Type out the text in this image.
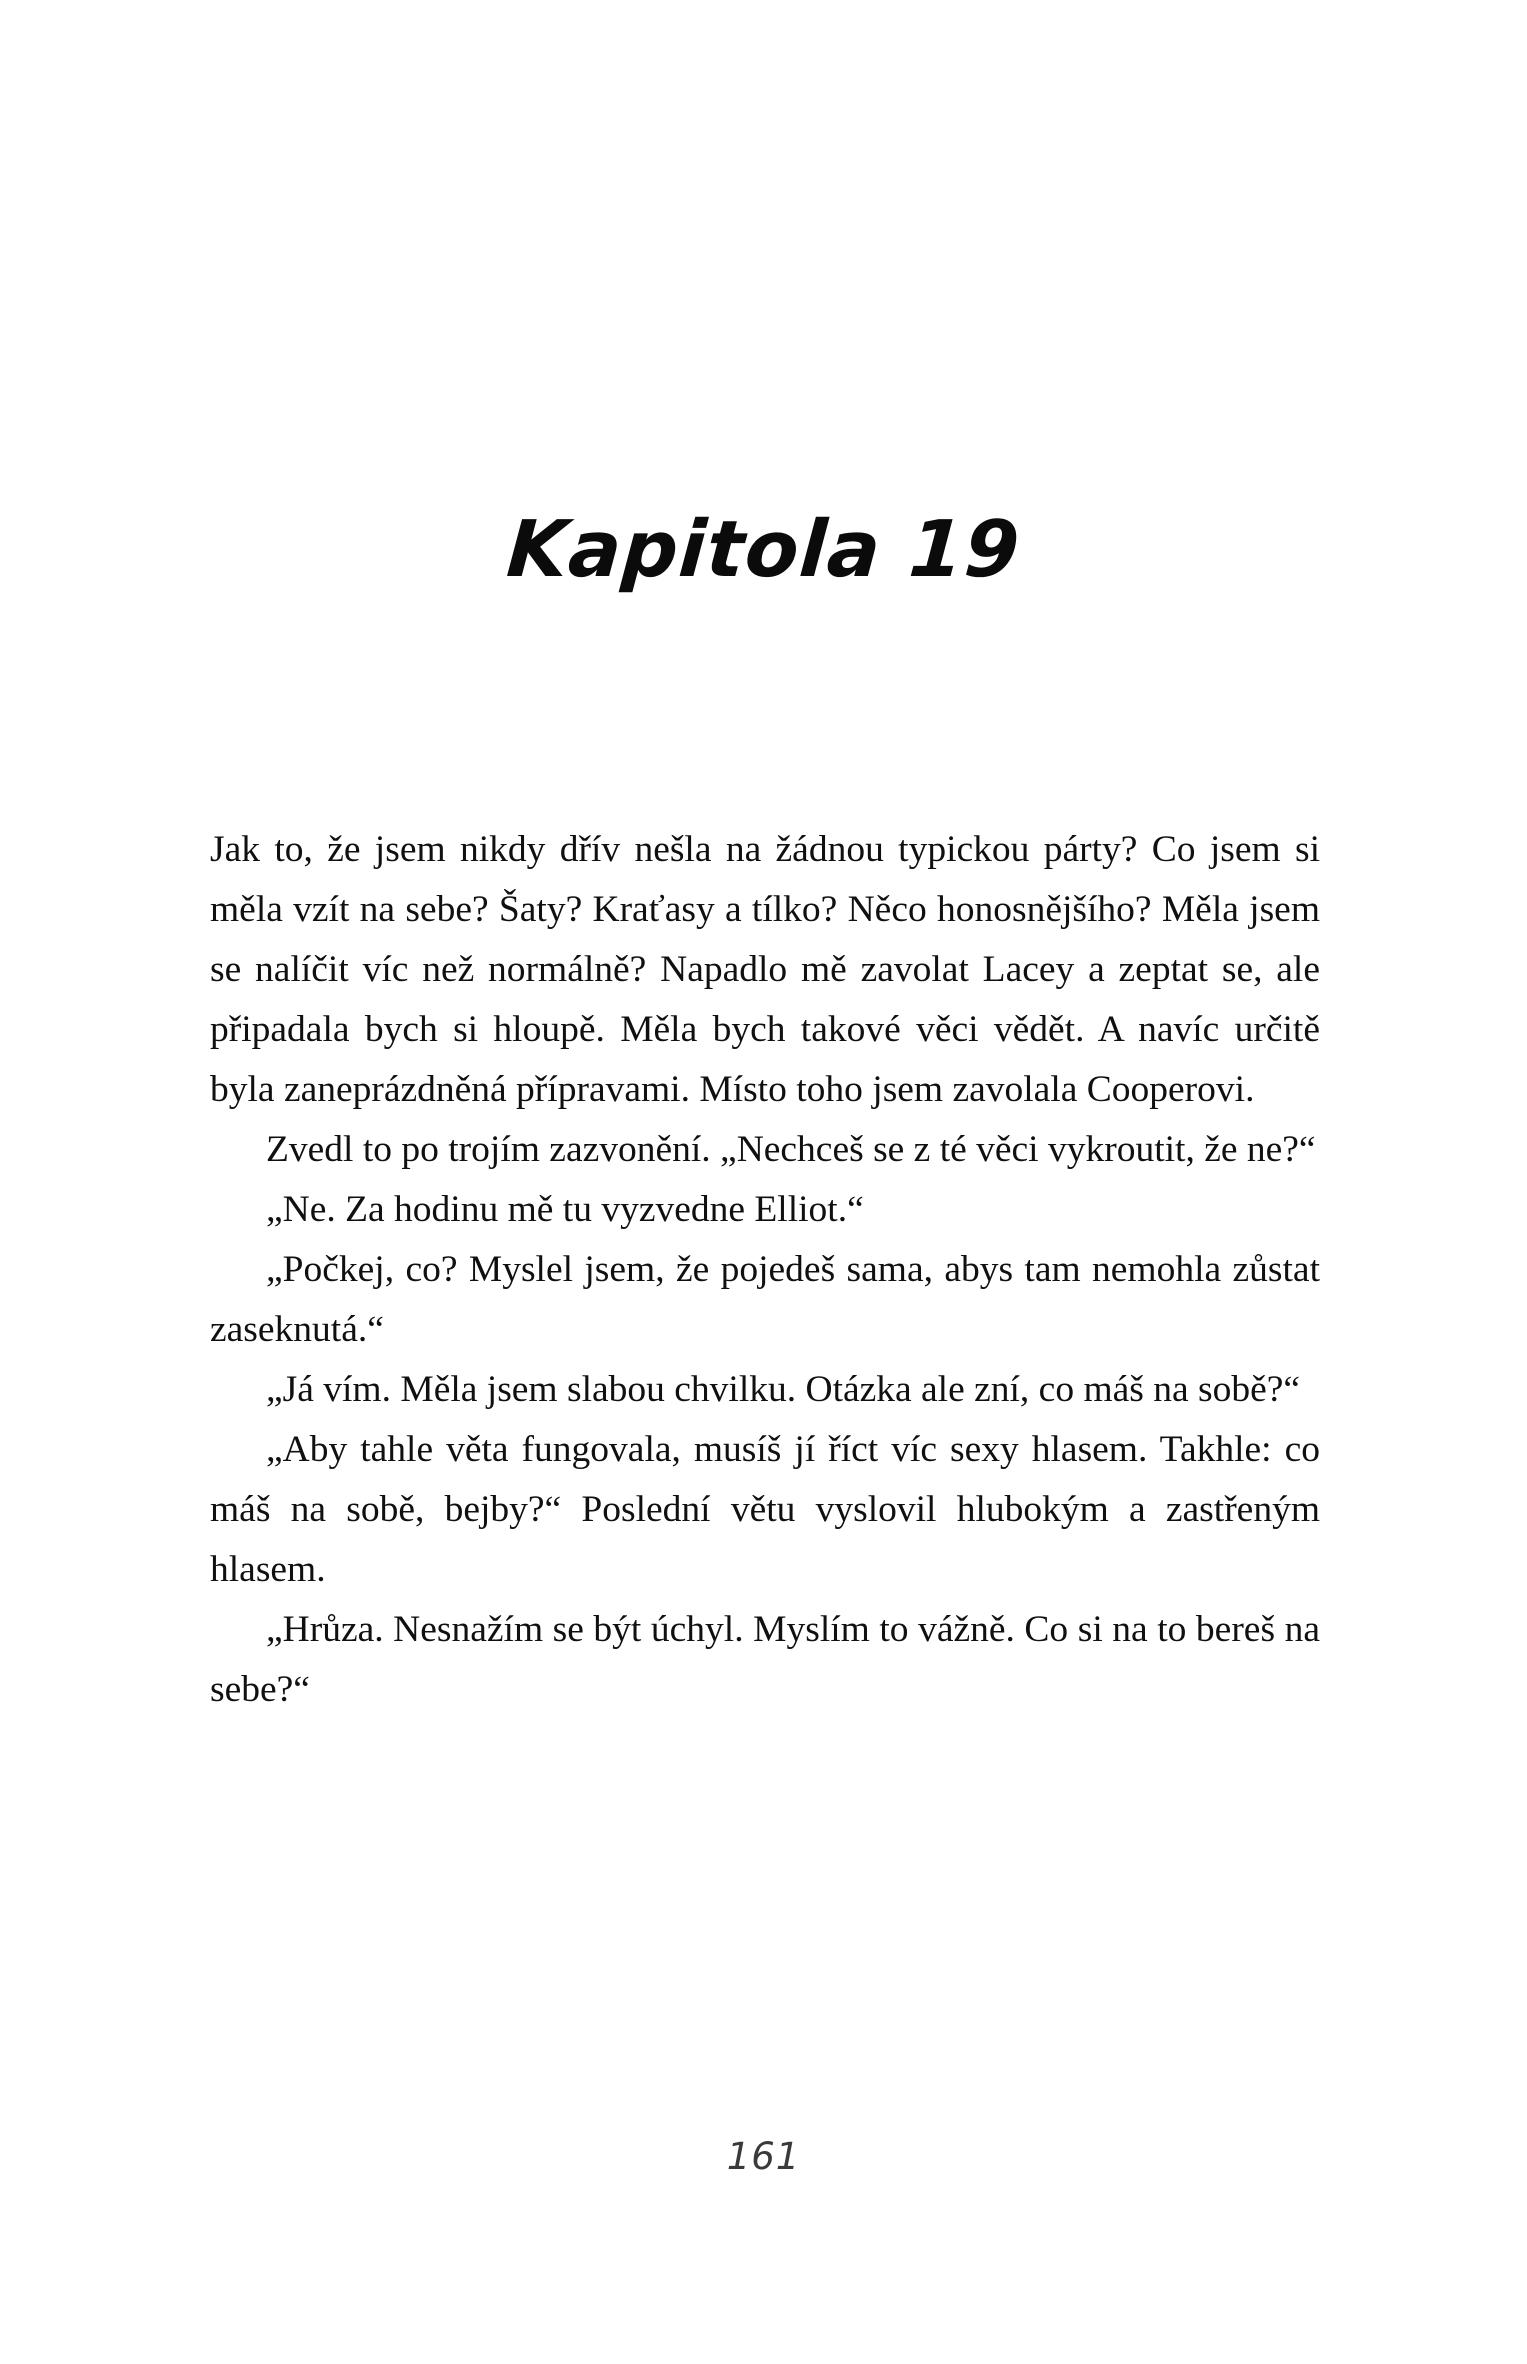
Kapitola 19

Jak to, že jsem nikdy dřív nešla na žádnou typickou párty? Co jsem si měla vzít na sebe? Šaty? Kraťasy a tílko? Něco honosnějšího? Měla jsem se nalíčit víc než normálně? Napadlo mě zavolat Lacey a zeptat se, ale připadala bych si hloupě. Měla bych takové věci vědět. A navíc určitě byla zaneprázdněná přípravami. Místo toho jsem zavolala Cooperovi.

Zvedl to po trojím zazvonění. „Nechceš se z té věci vykroutit, že ne?“

„Ne. Za hodinu mě tu vyzvedne Elliot.“

„Počkej, co? Myslel jsem, že pojedeš sama, abys tam nemohla zůstat zaseknutá.“

„Já vím. Měla jsem slabou chvilku. Otázka ale zní, co máš na sobě?“

„Aby tahle věta fungovala, musíš jí říct víc sexy hlasem. Takhle: co máš na sobě, bejby?“ Poslední větu vyslovil hlubokým a zastřeným hlasem.

„Hrůza. Nesnažím se být úchyl. Myslím to vážně. Co si na to bereš na sebe?“

161
